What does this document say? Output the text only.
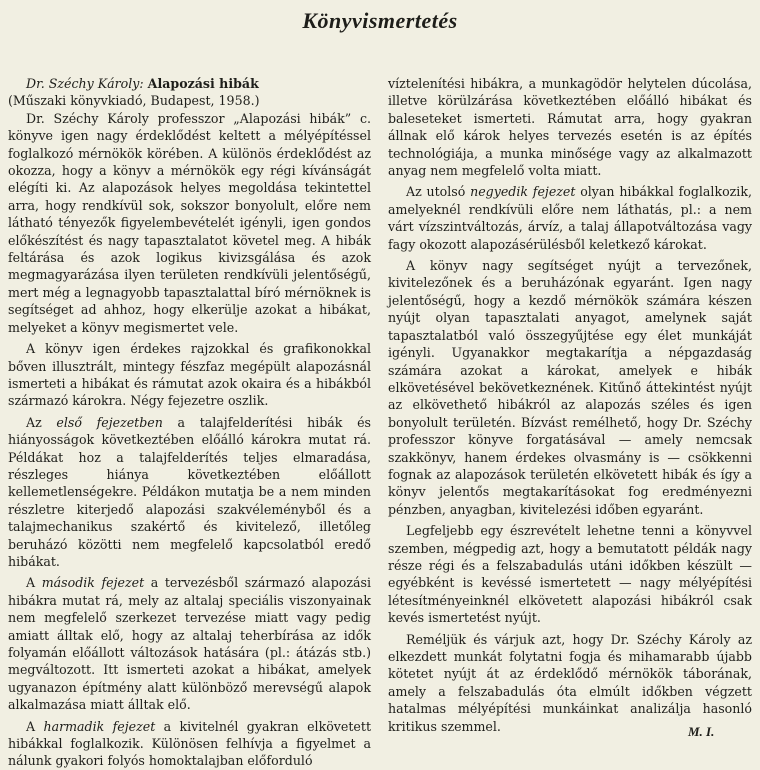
Könyvismertetés
Dr. Széchy Károly: Alapozási hibák
(Műszaki könyvkiadó, Budapest, 1958.)

Dr. Széchy Károly professzor „Alapozási hibák” c. könyve igen nagy érdeklődést keltett a mélyépítéssel foglalkozó mérnökök körében. A különös érdeklődést az okozza, hogy a könyv a mérnökök egy régi kívánságát elégíti ki. Az alapozások helyes megoldása tekintettel arra, hogy rendkívül sok, sokszor bonyolult, előre nem látható tényezők figyelembevételét igényli, igen gondos előkészítést és nagy tapasztalatot követel meg. A hibák feltárása és azok logikus kivizsgálása és azok megmagyarázása ilyen területen rendkívüli jelentőségű, mert még a legnagyobb tapasztalattal bíró mérnöknek is segítséget ad ahhoz, hogy elkerülje azokat a hibákat, melyeket a könyv megismertet vele.

A könyv igen érdekes rajzokkal és grafikonokkal bőven illusztrált, mintegy fészfaz megépült alapozásnál ismerteti a hibákat és rámutat azok okaira és a hibákból származó károkra. Négy fejezetre oszlik.

Az első fejezetben a talajfelderítési hibák és hiányosságok következtében előálló károkra mutat rá. Példákat hoz a talajfelderítés teljes elmaradása, részleges hiánya következtében előállott kellemetlenségekre. Példákon mutatja be a nem minden részletre kiterjedő alapozási szakvéleményből és a talajmechanikus szakértő és kivitelező, illetőleg beruházó közötti nem megfelelő kapcsolatból eredő hibákat.

A második fejezet a tervezésből származó alapozási hibákra mutat rá, mely az altalaj speciális viszonyainak nem megfelelő szerkezet tervezése miatt vagy pedig amiatt álltak elő, hogy az altalaj teherbírása az idők folyamán előállott változások hatására (pl.: átázás stb.) megváltozott. Itt ismerteti azokat a hibákat, amelyek ugyanazon építmény alatt különböző merevségű alapok alkalmazása miatt álltak elő.

A harmadik fejezet a kivitelnél gyakran elkövetett hibákkal foglalkozik. Különösen felhívja a figyelmet a nálunk gyakori folyós homoktalajban előforduló

víztelenítési hibákra, a munkagödör helytelen dúcolása, illetve körülzárása következtében előálló hibákat és baleseteket ismerteti. Rámutat arra, hogy gyakran állnak elő károk helyes tervezés esetén is az építés technológiája, a munka minősége vagy az alkalmazott anyag nem megfelelő volta miatt.

Az utolsó negyedik fejezet olyan hibákkal foglalkozik, amelyeknél rendkívüli előre nem láthatás, pl.: a nem várt vízszintváltozás, árvíz, a talaj állapotváltozása vagy fagy okozott alapozásérülésből keletkező károkat.

A könyv nagy segítséget nyújt a tervezőnek, kivitelezőnek és a beruházónak egyaránt. Igen nagy jelentőségű, hogy a kezdő mérnökök számára készen nyújt olyan tapasztalati anyagot, amelynek saját tapasztalatból való összegyűjtése egy élet munkáját igényli. Ugyanakkor megtakarítja a népgazdaság számára azokat a károkat, amelyek e hibák elkövetésével bekövetkeznének. Kitűnő áttekintést nyújt az elkövethető hibákról az alapozás széles és igen bonyolult területén. Bízvást remélhető, hogy Dr. Széchy professzor könyve forgatásával — amely nemcsak szakkönyv, hanem érdekes olvasmány is — csökkenni fognak az alapozások területén elkövetett hibák és így a könyv jelentős megtakarításokat fog eredményezni pénzben, anyagban, kivitelezési időben egyaránt.

Legfeljebb egy észrevételt lehetne tenni a könyvvel szemben, mégpedig azt, hogy a bemutatott példák nagy része régi és a felszabadulás utáni időkben készült — egyébként is kevéssé ismertetett — nagy mélyépítési létesítményeinknél elkövetett alapozási hibákról csak kevés ismertetést nyújt.

Reméljük és várjuk azt, hogy Dr. Széchy Károly az elkezdett munkát folytatni fogja és mihamarabb újabb kötetet nyújt át az érdeklődő mérnökök táborának, amely a felszabadulás óta elmúlt időkben végzett hatalmas mélyépítési munkáinkat analizálja hasonló kritikus szemmel.	M. I.
